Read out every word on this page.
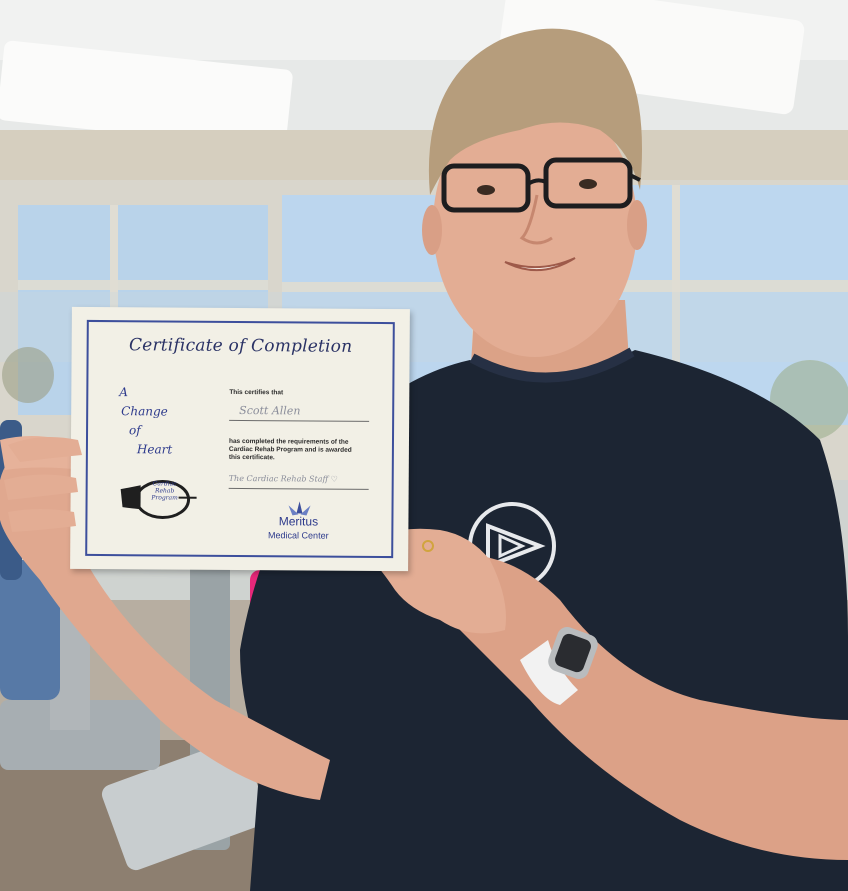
Certificate of Completion
A
Change
of
Heart
This certifies that
Scott Allen
has completed the requirements of the
Cardiac Rehab Program and is awarded
this certificate.
The Cardiac Rehab Staff ♡
Cardiac
Rehab
Program
Meritus
Medical Center
